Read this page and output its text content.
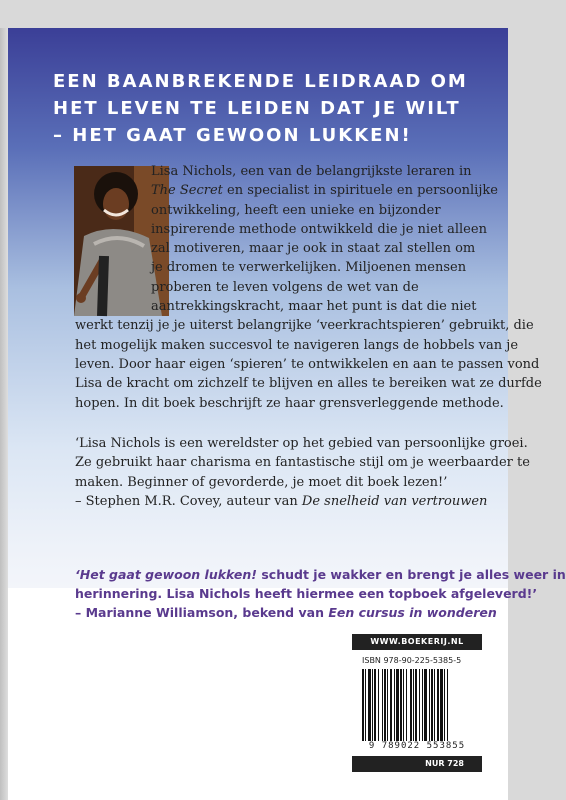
EEN BAANBREKENDE LEIDRAAD OM
HET LEVEN TE LEIDEN DAT JE WILT
– HET GAAT GEWOON LUKKEN!

Lisa Nichols, een van de belangrijkste leraren in
The Secret en specialist in spirituele en persoonlijke
ontwikkeling, heeft een unieke en bijzonder
inspirerende methode ontwikkeld die je niet alleen
zal motiveren, maar je ook in staat zal stellen om
je dromen te verwerkelijken. Miljoenen mensen
proberen te leven volgens de wet van de
aantrekkingskracht, maar het punt is dat die niet
werkt tenzij je je uiterst belangrijke ‘veerkrachtspieren’ gebruikt, die
het mogelijk maken succesvol te navigeren langs de hobbels van je
leven. Door haar eigen ‘spieren’ te ontwikkelen en aan te passen vond
Lisa de kracht om zichzelf te blijven en alles te bereiken wat ze durfde
hopen. In dit boek beschrijft ze haar grensverleggende methode.

‘Lisa Nichols is een wereldster op het gebied van persoonlijke groei.
Ze gebruikt haar charisma en fantastische stijl om je weerbaarder te
maken. Beginner of gevorderde, je moet dit boek lezen!’
– Stephen M.R. Covey, auteur van De snelheid van vertrouwen

‘Het gaat gewoon lukken! schudt je wakker en brengt je alles weer in
herinnering. Lisa Nichols heeft hiermee een topboek afgeleverd!’
– Marianne Williamson, bekend van Een cursus in wonderen

WWW.BOEKERIJ.NL
ISBN 978-90-225-5385-5
9 789022 553855
NUR 728
